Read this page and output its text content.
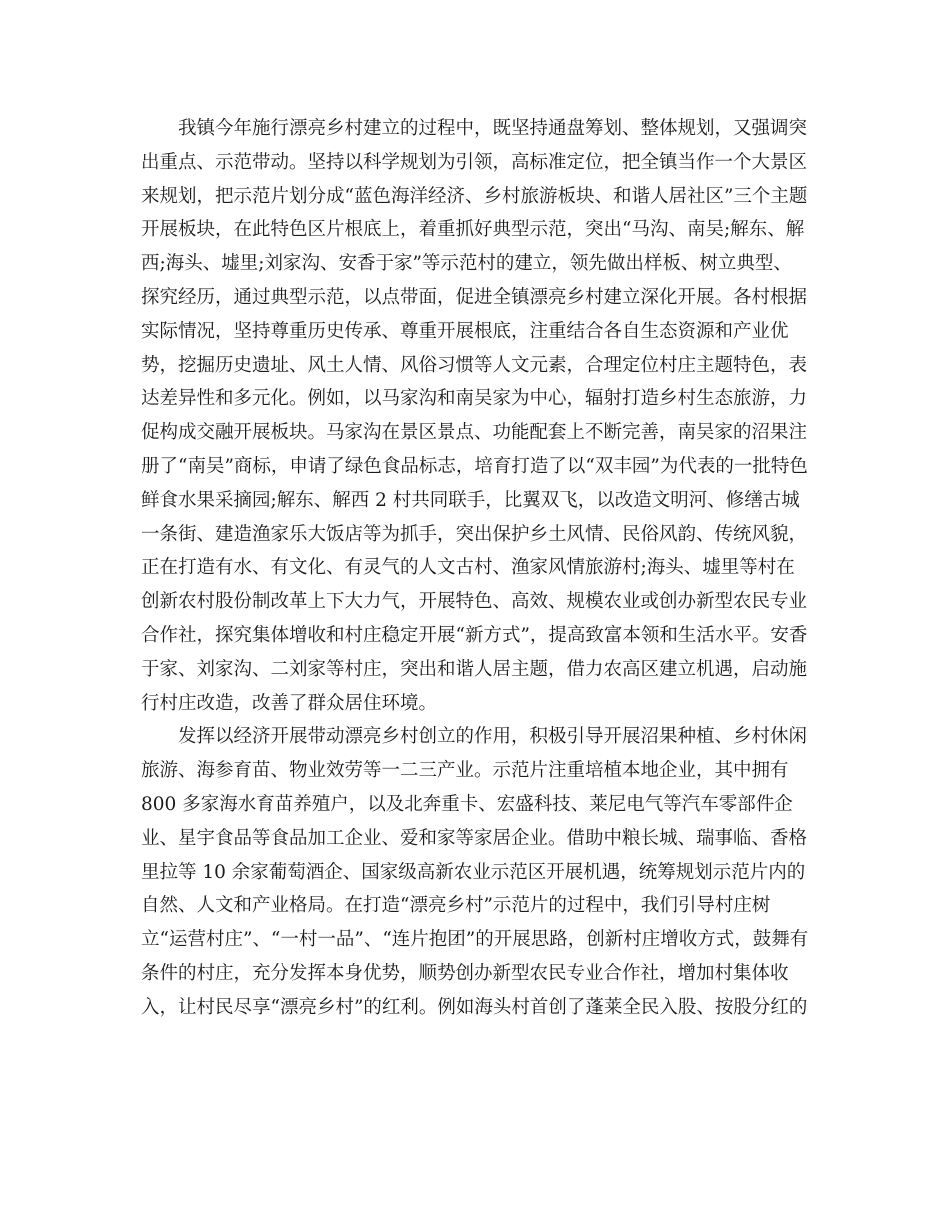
我镇今年施行漂亮乡村建立的过程中，既坚持通盘筹划、整体规划，又强调突
出重点、示范带动。坚持以科学规划为引领，高标准定位，把全镇当作一个大景区
来规划，把示范片划分成“蓝色海洋经济、乡村旅游板块、和谐人居社区”三个主题
开展板块，在此特色区片根底上，着重抓好典型示范，突出“马沟、南吴;解东、解
西;海头、墟里;刘家沟、安香于家”等示范村的建立，领先做出样板、树立典型、
探究经历，通过典型示范，以点带面，促进全镇漂亮乡村建立深化开展。各村根据
实际情况，坚持尊重历史传承、尊重开展根底，注重结合各自生态资源和产业优
势，挖掘历史遗址、风土人情、风俗习惯等人文元素，合理定位村庄主题特色，表
达差异性和多元化。例如，以马家沟和南吴家为中心，辐射打造乡村生态旅游，力
促构成交融开展板块。马家沟在景区景点、功能配套上不断完善，南吴家的沼果注
册了“南吴”商标，申请了绿色食品标志，培育打造了以“双丰园”为代表的一批特色
鲜食水果采摘园;解东、解西 2 村共同联手，比翼双飞，以改造文明河、修缮古城
一条街、建造渔家乐大饭店等为抓手，突出保护乡土风情、民俗风韵、传统风貌，
正在打造有水、有文化、有灵气的人文古村、渔家风情旅游村;海头、墟里等村在
创新农村股份制改革上下大力气，开展特色、高效、规模农业或创办新型农民专业
合作社，探究集体增收和村庄稳定开展“新方式”，提高致富本领和生活水平。安香
于家、刘家沟、二刘家等村庄，突出和谐人居主题，借力农高区建立机遇，启动施
行村庄改造，改善了群众居住环境。

发挥以经济开展带动漂亮乡村创立的作用，积极引导开展沼果种植、乡村休闲
旅游、海参育苗、物业效劳等一二三产业。示范片注重培植本地企业，其中拥有
800 多家海水育苗养殖户，以及北奔重卡、宏盛科技、莱尼电气等汽车零部件企
业、星宇食品等食品加工企业、爱和家等家居企业。借助中粮长城、瑞事临、香格
里拉等 10 余家葡萄酒企、国家级高新农业示范区开展机遇，统筹规划示范片内的
自然、人文和产业格局。在打造“漂亮乡村”示范片的过程中，我们引导村庄树
立“运营村庄”、“一村一品”、“连片抱团”的开展思路，创新村庄增收方式，鼓舞有
条件的村庄，充分发挥本身优势，顺势创办新型农民专业合作社，增加村集体收
入，让村民尽享“漂亮乡村”的红利。例如海头村首创了蓬莱全民入股、按股分红的
